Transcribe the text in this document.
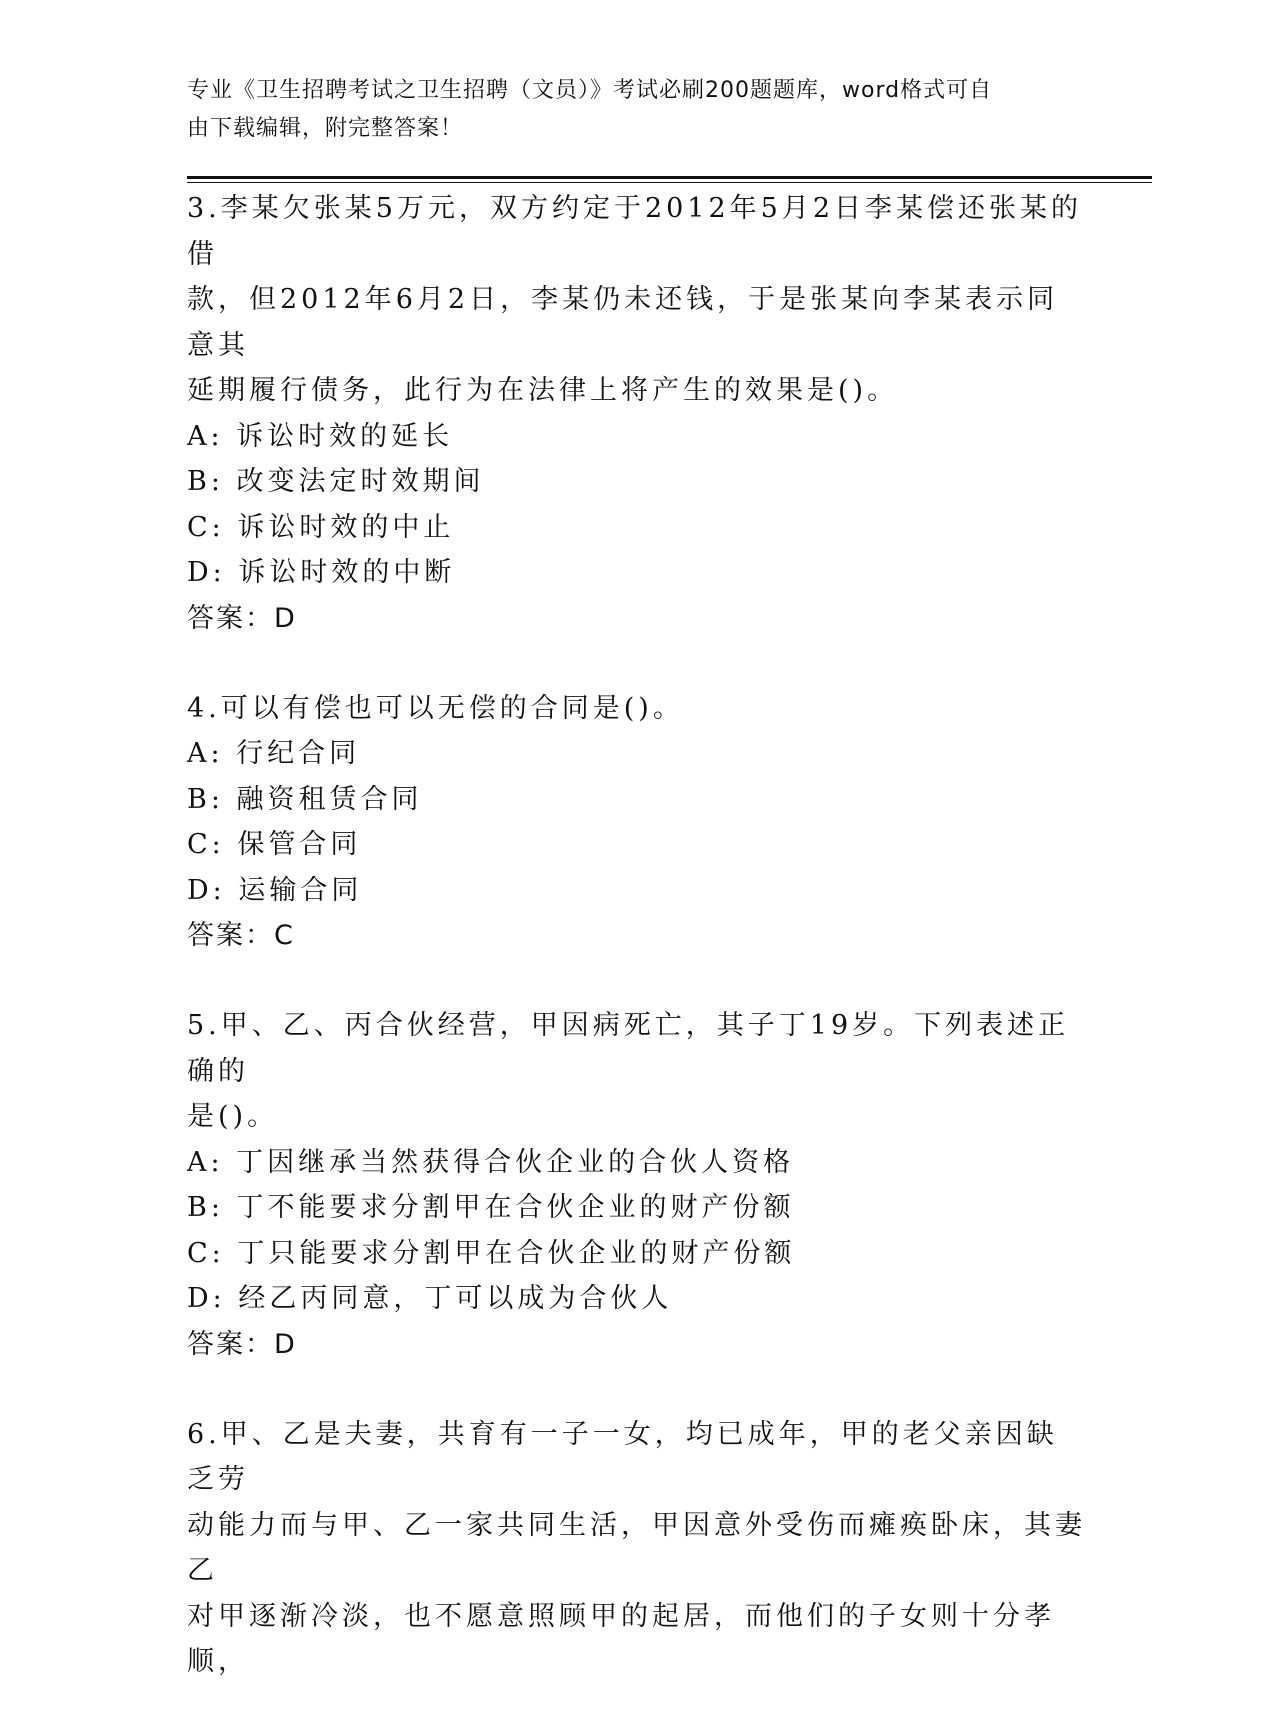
专业《卫生招聘考试之卫生招聘（文员）》考试必刷200题题库，word格式可自
由下载编辑，附完整答案！

3.李某欠张某5万元，双方约定于2012年5月2日李某偿还张某的借

款，但2012年6月2日，李某仍未还钱，于是张某向李某表示同意其

延期履行债务，此行为在法律上将产生的效果是()。

A: 诉讼时效的延长

B: 改变法定时效期间

C: 诉讼时效的中止

D: 诉讼时效的中断

答案：D

4.可以有偿也可以无偿的合同是()。

A: 行纪合同

B: 融资租赁合同

C: 保管合同

D: 运输合同

答案：C

5.甲、乙、丙合伙经营，甲因病死亡，其子丁19岁。下列表述正确的

是()。

A: 丁因继承当然获得合伙企业的合伙人资格

B: 丁不能要求分割甲在合伙企业的财产份额

C: 丁只能要求分割甲在合伙企业的财产份额

D: 经乙丙同意，丁可以成为合伙人

答案：D

6.甲、乙是夫妻，共育有一子一女，均已成年，甲的老父亲因缺乏劳

动能力而与甲、乙一家共同生活，甲因意外受伤而瘫痪卧床，其妻乙

对甲逐渐冷淡，也不愿意照顾甲的起居，而他们的子女则十分孝顺，
